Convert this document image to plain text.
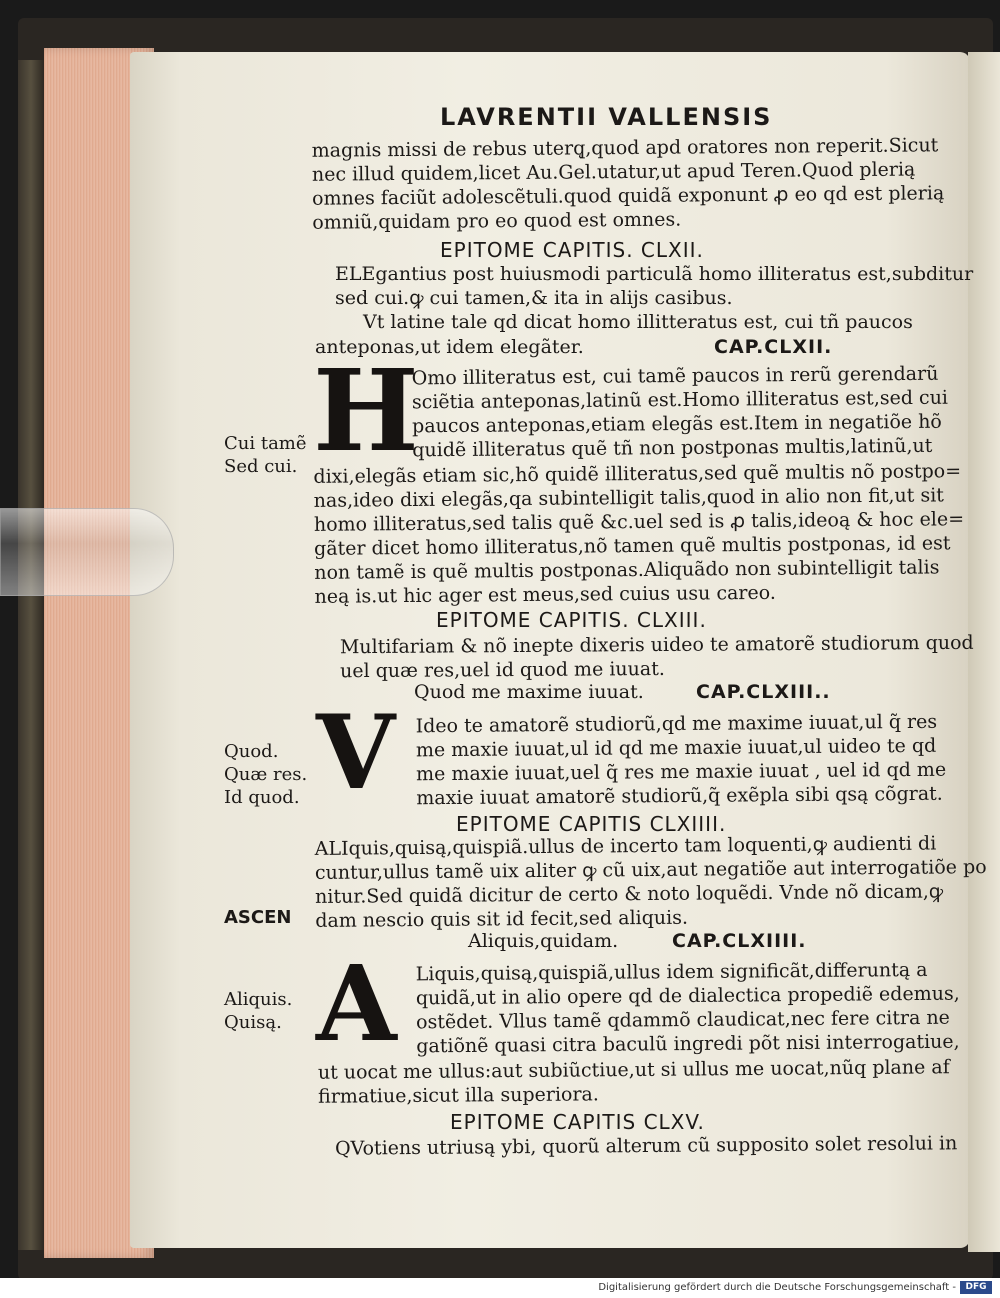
LAVRENTII VALLENSIS
magnis missi de rebus uterq̨,quod apd oratores non reperit.Sicut
nec illud quidem,licet Au.Gel.utatur,ut apud Teren.Quod plerią
omnes faciũt adolescẽtuli.quod quidã exponunt ꝓ eo qd est plerią
omniũ,quidam pro eo quod est omnes.
EPITOME CAPITIS. CLXII.
ELEgantius post huiusmodi particulã homo illiteratus est,subditur
sed cui.ꝙ cui tamen,& ita in alijs casibus.
Vt latine tale qd dicat homo illitteratus est, cui tñ paucos
anteponas,ut idem elegãter.	CAP.CLXII.
H
Omo illiteratus est, cui tamẽ paucos in rerũ gerendarũ
sciẽtia anteponas,latinũ est.Homo illiteratus est,sed cui
paucos anteponas,etiam elegãs est.Item in negatiõe hõ
quidẽ illiteratus quẽ tñ non postponas multis,latinũ,ut
dixi,elegãs etiam sic,hõ quidẽ illiteratus,sed quẽ multis nõ postpo=
nas,ideo dixi elegãs,qa subintelligit talis,quod in alio non fit,ut sit
homo illiteratus,sed talis quẽ &c.uel sed is ꝓ talis,ideoą & hoc ele=
gãter dicet homo illiteratus,nõ tamen quẽ multis postponas, id est
non tamẽ is quẽ multis postponas.Aliquãdo non subintelligit talis
neą is.ut hic ager est meus,sed cuius usu careo.
Cui tamẽ
Sed cui.
EPITOME CAPITIS. CLXIII.
Multifariam & nõ inepte dixeris uideo te amatorẽ studiorum quod
uel quæ res,uel id quod me iuuat.
Quod me maxime iuuat.	CAP.CLXIII..
V Ideo te amatorẽ studiorũ,qd me maxime iuuat,ul q̃ res
me maxie iuuat,ul id qd me maxie iuuat,ul uideo te qd
me maxie iuuat,uel q̃ res me maxie iuuat , uel id qd me
maxie iuuat amatorẽ studiorũ,q̃ exẽpla sibi qsą cõgrat.
Quod.
Quæ res.
Id quod.
EPITOME CAPITIS CLXIIII.
ALIquis,quisą,quispiã.ullus de incerto tam loquenti,ꝙ audienti di
cuntur,ullus tamẽ uix aliter ꝙ cũ uix,aut negatiõe aut interrogatiõe po
nitur.Sed quidã dicitur de certo & noto loquẽdi. Vnde nõ dicam,ꝙ
dam nescio quis sit id fecit,sed aliquis.
ASCEN
Aliquis,quidam.	CAP.CLXIIII.
A Liquis,quisą,quispiã,ullus idem significãt,differuntą a
quidã,ut in alio opere qd de dialectica propediẽ edemus,
ostẽdet. Vllus tamẽ qdammõ claudicat,nec fere citra ne
gatiõnẽ quasi citra baculũ ingredi põt nisi interrogatiue,
ut uocat me ullus:aut subiũctiue,ut si ullus me uocat,nũq plane af
firmatiue,sicut illa superiora.
Aliquis.
Quisą.
EPITOME CAPITIS CLXV.
QVotiens utriusą ybi, quorũ alterum cũ supposito solet resolui in
Digitalisierung gefördert durch die Deutsche Forschungsgemeinschaft -	DFG
